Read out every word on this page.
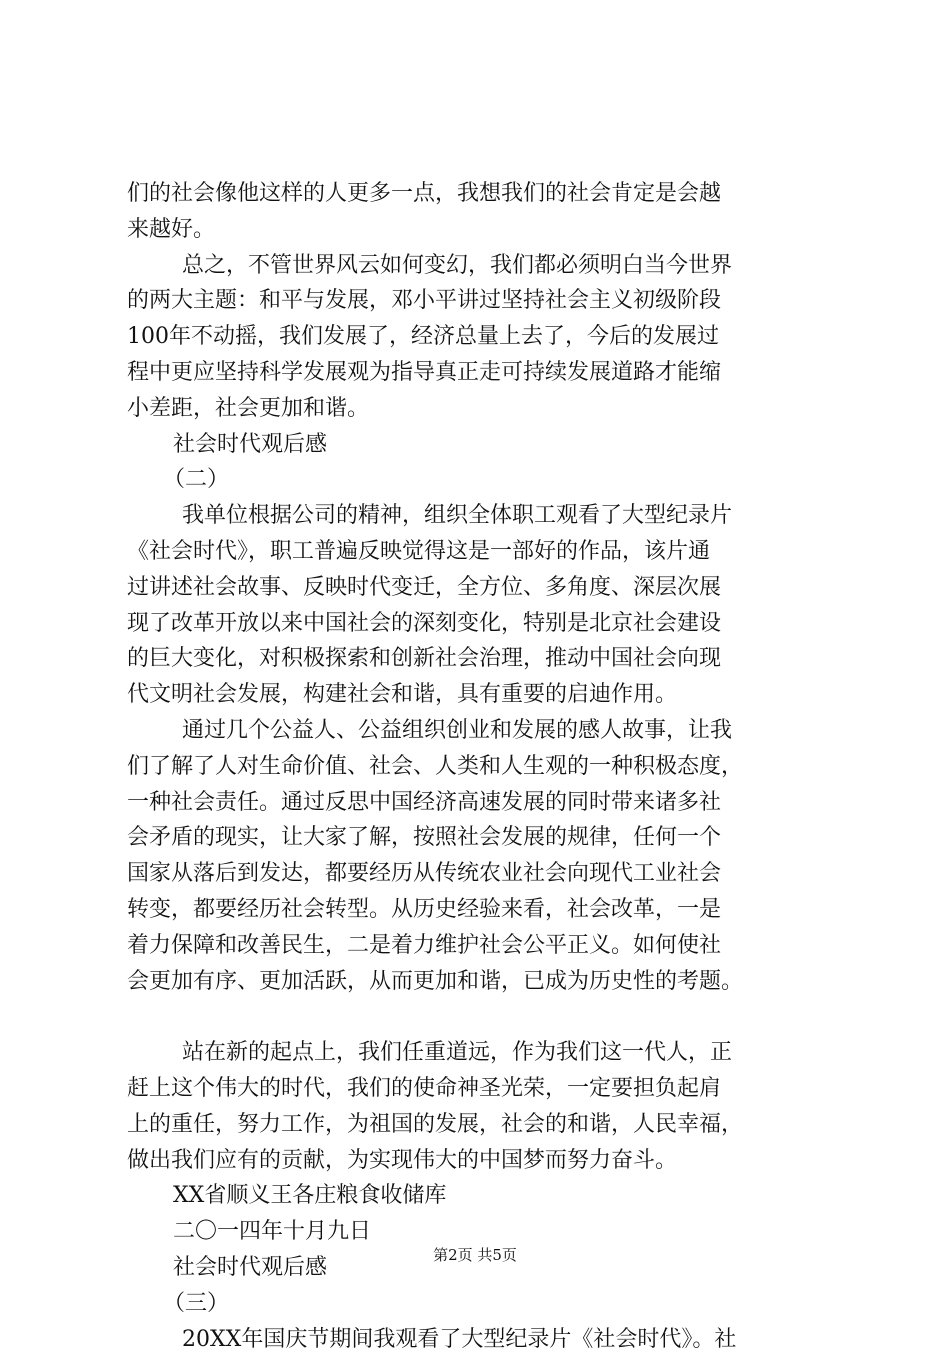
们的社会像他这样的人更多一点，我想我们的社会肯定是会越
来越好。
总之，不管世界风云如何变幻，我们都必须明白当今世界
的两大主题：和平与发展，邓小平讲过坚持社会主义初级阶段
100年不动摇，我们发展了，经济总量上去了，今后的发展过
程中更应坚持科学发展观为指导真正走可持续发展道路才能缩
小差距，社会更加和谐。
社会时代观后感
（二）
我单位根据公司的精神，组织全体职工观看了大型纪录片
《社会时代》，职工普遍反映觉得这是一部好的作品，该片通
过讲述社会故事、反映时代变迁，全方位、多角度、深层次展
现了改革开放以来中国社会的深刻变化，特别是北京社会建设
的巨大变化，对积极探索和创新社会治理，推动中国社会向现
代文明社会发展，构建社会和谐，具有重要的启迪作用。
通过几个公益人、公益组织创业和发展的感人故事，让我
们了解了人对生命价值、社会、人类和人生观的一种积极态度，
一种社会责任。通过反思中国经济高速发展的同时带来诸多社
会矛盾的现实，让大家了解，按照社会发展的规律，任何一个
国家从落后到发达，都要经历从传统农业社会向现代工业社会
转变，都要经历社会转型。从历史经验来看，社会改革，一是
着力保障和改善民生，二是着力维护社会公平正义。如何使社
会更加有序、更加活跃，从而更加和谐，已成为历史性的考题。
站在新的起点上，我们任重道远，作为我们这一代人，正
赶上这个伟大的时代，我们的使命神圣光荣，一定要担负起肩
上的重任，努力工作，为祖国的发展，社会的和谐，人民幸福，
做出我们应有的贡献，为实现伟大的中国梦而努力奋斗。
XX省顺义王各庄粮食收储库
二〇一四年十月九日
社会时代观后感
（三）
20XX年国庆节期间我观看了大型纪录片《社会时代》。社
第2页 共5页
